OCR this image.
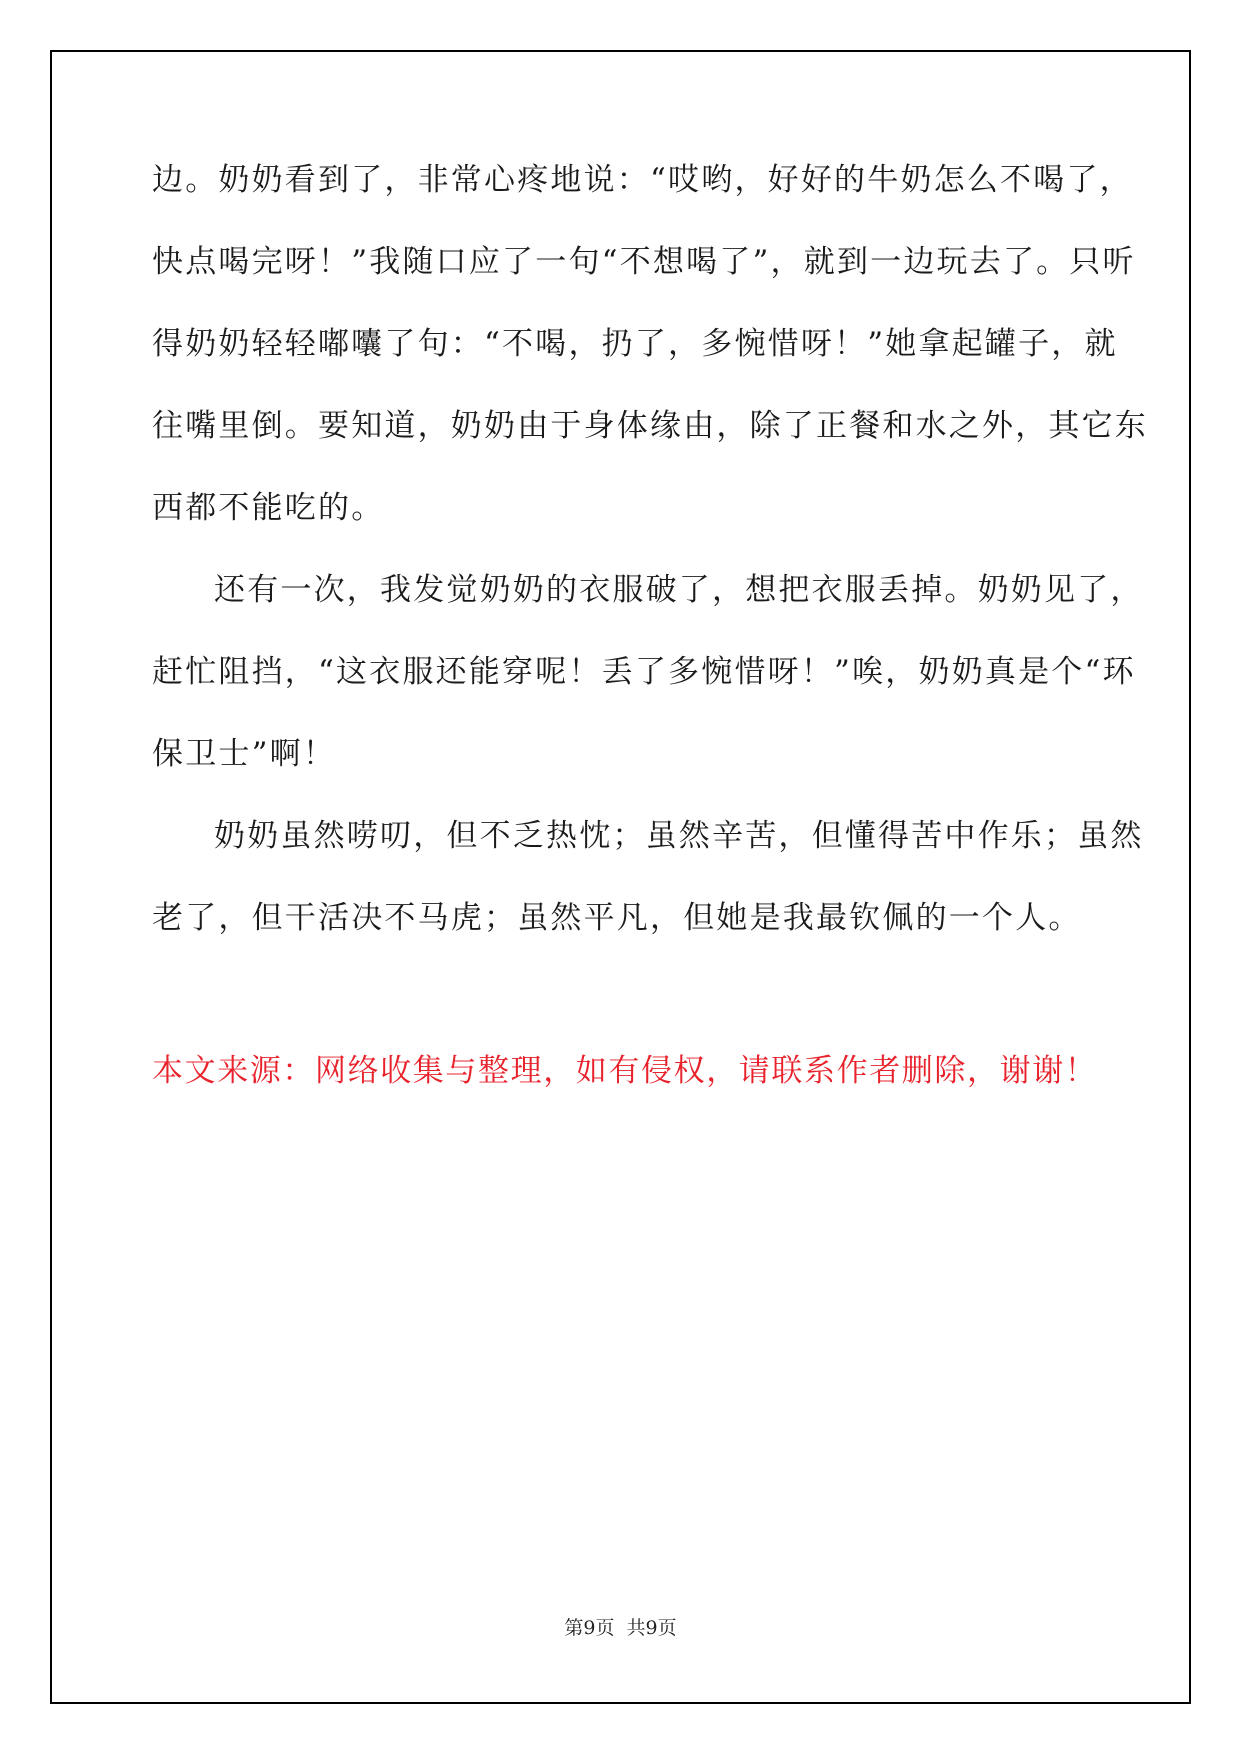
边。奶奶看到了，非常心疼地说：“哎哟，好好的牛奶怎么不喝了，
快点喝完呀！”我随口应了一句“不想喝了”，就到一边玩去了。只听
得奶奶轻轻嘟囔了句：“不喝，扔了，多惋惜呀！”她拿起罐子，就
往嘴里倒。要知道，奶奶由于身体缘由，除了正餐和水之外，其它东
西都不能吃的。
还有一次，我发觉奶奶的衣服破了，想把衣服丢掉。奶奶见了，
赶忙阻挡，“这衣服还能穿呢！丢了多惋惜呀！”唉，奶奶真是个“环
保卫士”啊！
奶奶虽然唠叨，但不乏热忱；虽然辛苦，但懂得苦中作乐；虽然
老了，但干活决不马虎；虽然平凡，但她是我最钦佩的一个人。
本文来源：网络收集与整理，如有侵权，请联系作者删除，谢谢！
第9页 共9页
